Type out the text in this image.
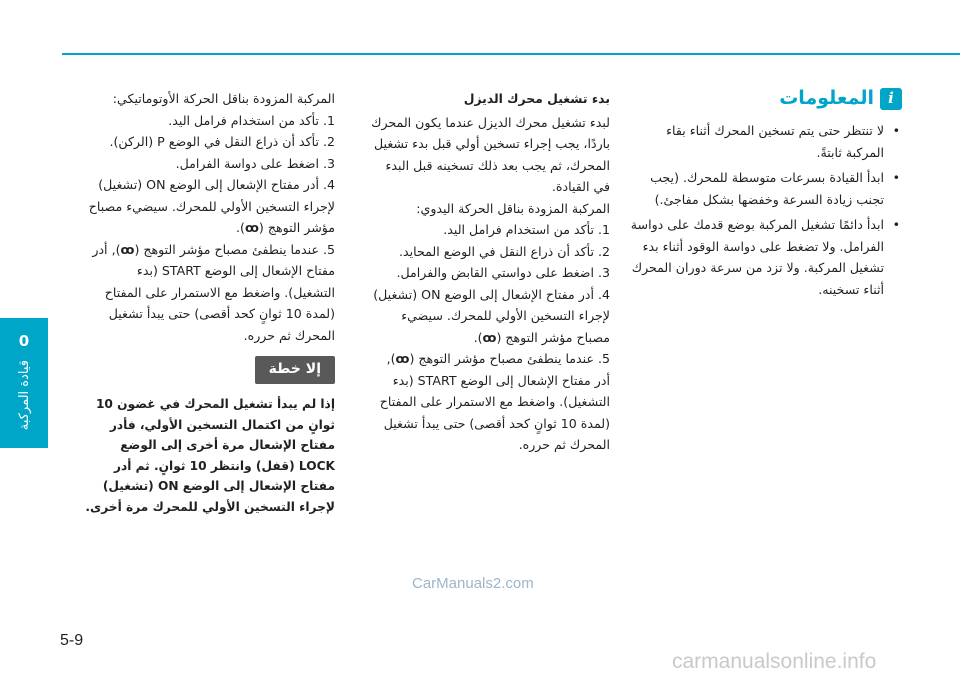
0
قيادة المركبة
i
المعلومات
• لا تنتظر حتى يتم تسخين المحرك أثناء بقاء المركبة ثابتةً.
• ابدأ القيادة بسرعات متوسطة للمحرك. (يجب تجنب زيادة السرعة وخفضها بشكل مفاجئ.)
• ابدأ دائمًا تشغيل المركبة بوضع قدمك على دواسة الفرامل. ولا تضغط على دواسة الوقود أثناء بدء تشغيل المركبة. ولا تزد من سرعة دوران المحرك أثناء تسخينه.
بدء تشغيل محرك الديزل

لبدء تشغيل محرك الديزل عندما يكون المحرك باردًا، يجب إجراء تسخين أولي قبل بدء تشغيل المحرك، ثم يجب بعد ذلك تسخينه قبل البدء في القيادة.

المركبة المزودة بناقل الحركة اليدوي:
1. تأكد من استخدام فرامل اليد.
2. تأكد أن ذراع النقل في الوضع المحايد.
3. اضغط على دواستي القابض والفرامل.
4. أدر مفتاح الإشعال إلى الوضع ON (تشغيل) لإجراء التسخين الأولي للمحرك. سيضيء مصباح مؤشر التوهج (ꝏ).
5. عندما ينطفئ مصباح مؤشر التوهج (ꝏ), أدر مفتاح الإشعال إلى الوضع START (بدء التشغيل). واضغط مع الاستمرار على المفتاح (لمدة 10 ثوانٍ كحد أقصى) حتى يبدأ تشغيل المحرك ثم حرره.
المركبة المزودة بناقل الحركة الأوتوماتيكي:
1. تأكد من استخدام فرامل اليد.
2. تأكد أن ذراع النقل في الوضع P (الركن).
3. اضغط على دواسة الفرامل.
4. أدر مفتاح الإشعال إلى الوضع ON (تشغيل) لإجراء التسخين الأولي للمحرك. سيضيء مصباح مؤشر التوهج (ꝏ).
5. عندما ينطفئ مصباح مؤشر التوهج (ꝏ), أدر مفتاح الإشعال إلى الوضع START (بدء التشغيل). واضغط مع الاستمرار على المفتاح (لمدة 10 ثوانٍ كحد أقصى) حتى يبدأ تشغيل المحرك ثم حرره.
إلا خطة
إذا لم يبدأ تشغيل المحرك في غضون 10 ثوانٍ من اكتمال التسخين الأولي، فأدر مفتاح الإشعال مرة أخرى إلى الوضع LOCK (قفل) وانتظر 10 ثوانٍ. ثم أدر مفتاح الإشعال إلى الوضع ON (تشغيل) لإجراء التسخين الأولي للمحرك مرة أخرى.
CarManuals2.com
5-9
carmanualsonline.info
